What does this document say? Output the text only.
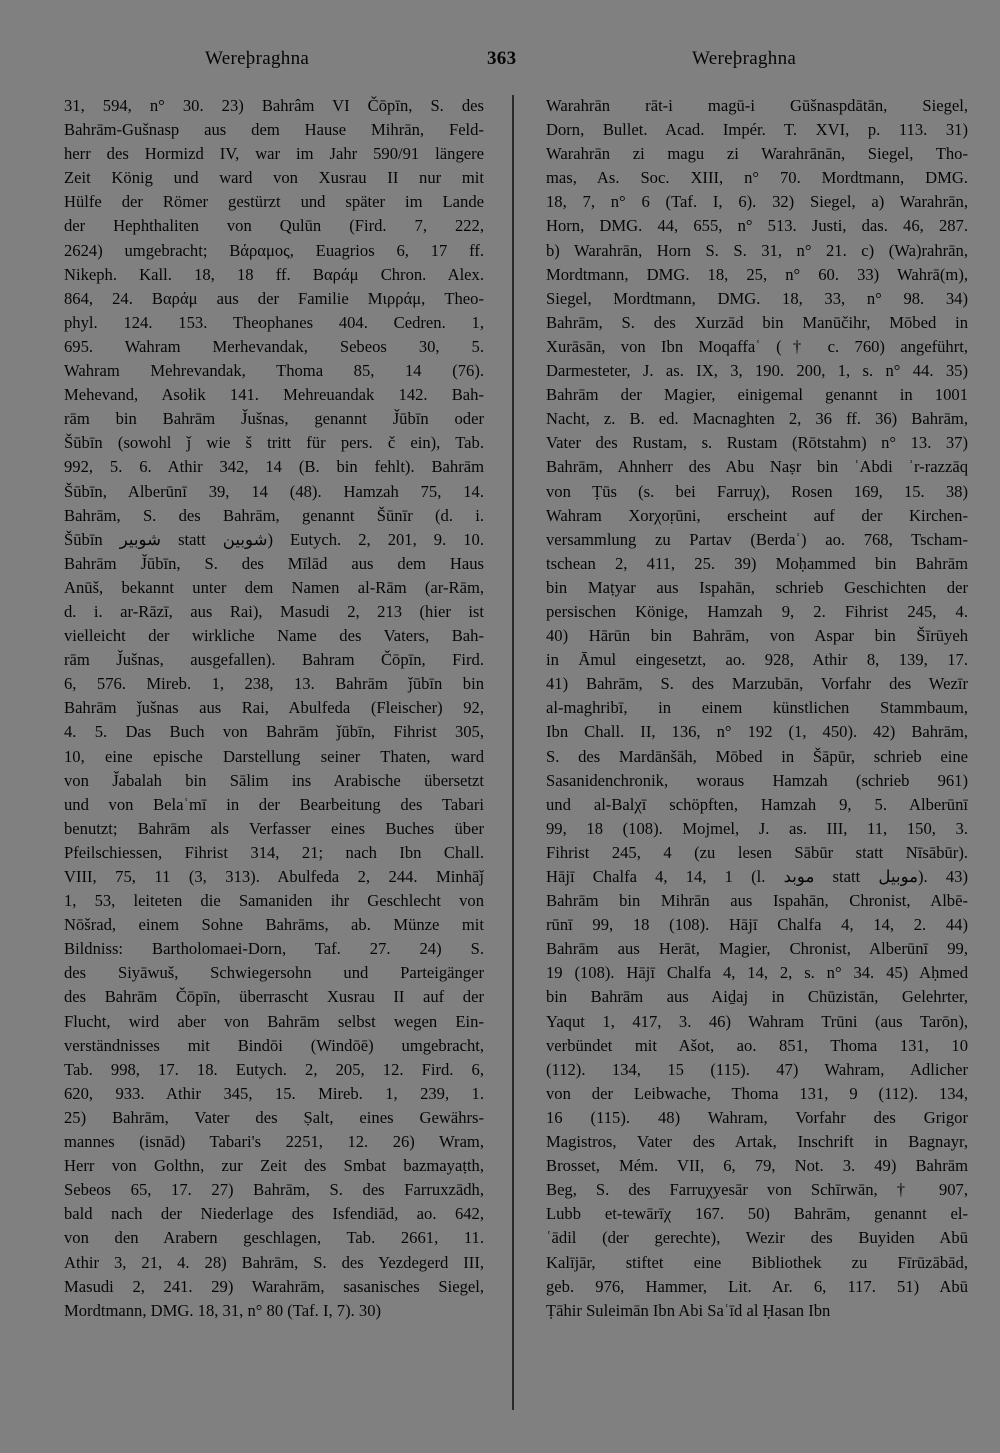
Wereþraghna	363	Wereþraghna
31, 594, n° 30. 23) Bahrâm VI Čōpīn, S. des
Bahrām-Gušnasp aus dem Hause Mihrān, Feld-
herr des Hormizd IV, war im Jahr 590/91 längere
Zeit König und ward von Xusrau II nur mit
Hülfe der Römer gestürzt und später im Lande
der Hephthaliten von Qulūn (Fird. 7, 222,
2624) umgebracht; Βάραμος, Euagrios 6, 17 ff.
Nikeph. Kall. 18, 18 ff. Βαράμ Chron. Alex.
864, 24. Βαράμ aus der Familie Μιρράμ, Theo-
phyl. 124. 153. Theophanes 404. Cedren. 1,
695. Wahram Merhevandak, Sebeos 30, 5.
Wahram Mehrevandak, Thoma 85, 14 (76).
Mehevand, Asołik 141. Mehreuandak 142. Bah-
rām bin Bahrām J̌ušnas, genannt J̌ūbīn oder
Šūbīn (sowohl ǰ wie š tritt für pers. č ein), Tab.
992, 5. 6. Athir 342, 14 (B. bin fehlt). Bahrām
Šūbīn, Alberūnī 39, 14 (48). Hamzah 75, 14.
Bahrām, S. des Bahrām, genannt Šūnīr (d. i.
Šūbīn شوبير statt شوبين) Eutych. 2, 201, 9. 10.
Bahrām J̌ūbīn, S. des Mīlād aus dem Haus
Anūš, bekannt unter dem Namen al-Rām (ar-Rām,
d. i. ar-Rāzī, aus Rai), Masudi 2, 213 (hier ist
vielleicht der wirkliche Name des Vaters, Bah-
rām J̌ušnas, ausgefallen). Bahram Čōpīn, Fird.
6, 576. Mireb. 1, 238, 13. Bahrām ǰūbīn bin
Bahrām ǰušnas aus Rai, Abulfeda (Fleischer) 92,
4. 5. Das Buch von Bahrām ǰūbīn, Fihrist 305,
10, eine epische Darstellung seiner Thaten, ward
von J̌abalah bin Sālim ins Arabische übersetzt
und von Belaʿmī in der Bearbeitung des Tabari
benutzt; Bahrām als Verfasser eines Buches über
Pfeilschiessen, Fihrist 314, 21; nach Ibn Chall.
VIII, 75, 11 (3, 313). Abulfeda 2, 244. Minhāǰ
1, 53, leiteten die Samaniden ihr Geschlecht von
Nōšrad, einem Sohne Bahrāms, ab. Münze mit
Bildniss: Bartholomaei-Dorn, Taf. 27. 24) S.
des Siyāwuš, Schwiegersohn und Parteigänger
des Bahrām Čōpīn, überrascht Xusrau II auf der
Flucht, wird aber von Bahrām selbst wegen Ein-
verständnisses mit Bindōi (Windōē) umgebracht,
Tab. 998, 17. 18. Eutych. 2, 205, 12. Fird. 6,
620, 933. Athir 345, 15. Mireb. 1, 239, 1.
25) Bahrām, Vater des Ṣalt, eines Gewährs-
mannes (isnād) Tabari's 2251, 12. 26) Wram,
Herr von Golthn, zur Zeit des Smbat bazmayaṭth,
Sebeos 65, 17. 27) Bahrām, S. des Farruxzādh,
bald nach der Niederlage des Isfendiād, ao. 642,
von den Arabern geschlagen, Tab. 2661, 11.
Athir 3, 21, 4. 28) Bahrām, S. des Yezdegerd III,
Masudi 2, 241. 29) Warahrām, sasanisches Siegel,
Mordtmann, DMG. 18, 31, n° 80 (Taf. I, 7). 30)
Warahrān rāt-i magū-i Gūšnaspdātān, Siegel,
Dorn, Bullet. Acad. Impér. T. XVI, p. 113. 31)
Warahrān zi magu zi Warahrānān, Siegel, Tho-
mas, As. Soc. XIII, n° 70. Mordtmann, DMG.
18, 7, n° 6 (Taf. I, 6). 32) Siegel, a) Warahrān,
Horn, DMG. 44, 655, n° 513. Justi, das. 46, 287.
b) Warahrān, Horn S. S. 31, n° 21. c) (Wa)rahrān,
Mordtmann, DMG. 18, 25, n° 60. 33) Wahrā(m),
Siegel, Mordtmann, DMG. 18, 33, n° 98. 34)
Bahrām, S. des Xurzād bin Manūčihr, Mōbed in
Xurāsān, von Ibn Moqaffaʿ († c. 760) angeführt,
Darmesteter, J. as. IX, 3, 190. 200, 1, s. n° 44. 35)
Bahrām der Magier, einigemal genannt in 1001
Nacht, z. B. ed. Macnaghten 2, 36 ff. 36) Bahrām,
Vater des Rustam, s. Rustam (Rōtstahm) n° 13. 37)
Bahrām, Ahnherr des Abu Naṣr bin ʿAbdi ʾr-razzāq
von Ṭūs (s. bei Farruχ), Rosen 169, 15. 38)
Wahram Xorχoṛūni, erscheint auf der Kirchen-
versammlung zu Partav (Berdaʿ) ao. 768, Tscham-
tschean 2, 411, 25. 39) Moḥammed bin Bahrām
bin Maṭyar aus Ispahān, schrieb Geschichten der
persischen Könige, Hamzah 9, 2. Fihrist 245, 4.
40) Hārūn bin Bahrām, von Aspar bin Šīrūyeh
in Āmul eingesetzt, ao. 928, Athir 8, 139, 17.
41) Bahrām, S. des Marzubān, Vorfahr des Wezīr
al-maghribī, in einem künstlichen Stammbaum,
Ibn Chall. II, 136, n° 192 (1, 450). 42) Bahrām,
S. des Mardānšāh, Mōbed in Šāpūr, schrieb eine
Sasanidenchronik, woraus Hamzah (schrieb 961)
und al-Balχī schöpften, Hamzah 9, 5. Alberūnī
99, 18 (108). Mojmel, J. as. III, 11, 150, 3.
Fihrist 245, 4 (zu lesen Sābūr statt Nīsābūr).
Hājī Chalfa 4, 14, 1 (l. موبد statt موبيل). 43)
Bahrām bin Mihrān aus Ispahān, Chronist, Albē-
rūnī 99, 18 (108). Hājī Chalfa 4, 14, 2. 44)
Bahrām aus Herāt, Magier, Chronist, Alberūnī 99,
19 (108). Hājī Chalfa 4, 14, 2, s. n° 34. 45) Aḥmed
bin Bahrām aus Aiḏaj in Chūzistān, Gelehrter,
Yaqut 1, 417, 3. 46) Wahram Trūni (aus Tarōn),
verbündet mit Ašot, ao. 851, Thoma 131, 10
(112). 134, 15 (115). 47) Wahram, Adlicher
von der Leibwache, Thoma 131, 9 (112). 134,
16 (115). 48) Wahram, Vorfahr des Grigor
Magistros, Vater des Artak, Inschrift in Bagnayr,
Brosset, Mém. VII, 6, 79, Not. 3. 49) Bahrām
Beg, S. des Farruχyesār von Schīrwān, † 907,
Lubb et-tewārīχ 167. 50) Bahrām, genannt el-
ʿādil (der gerechte), Wezir des Buyiden Abū
Kalījār, stiftet eine Bibliothek zu Fīrūzābād,
geb. 976, Hammer, Lit. Ar. 6, 117. 51) Abū
Ṭāhir Suleimān Ibn Abi Saʿīd al Ḥasan Ibn
